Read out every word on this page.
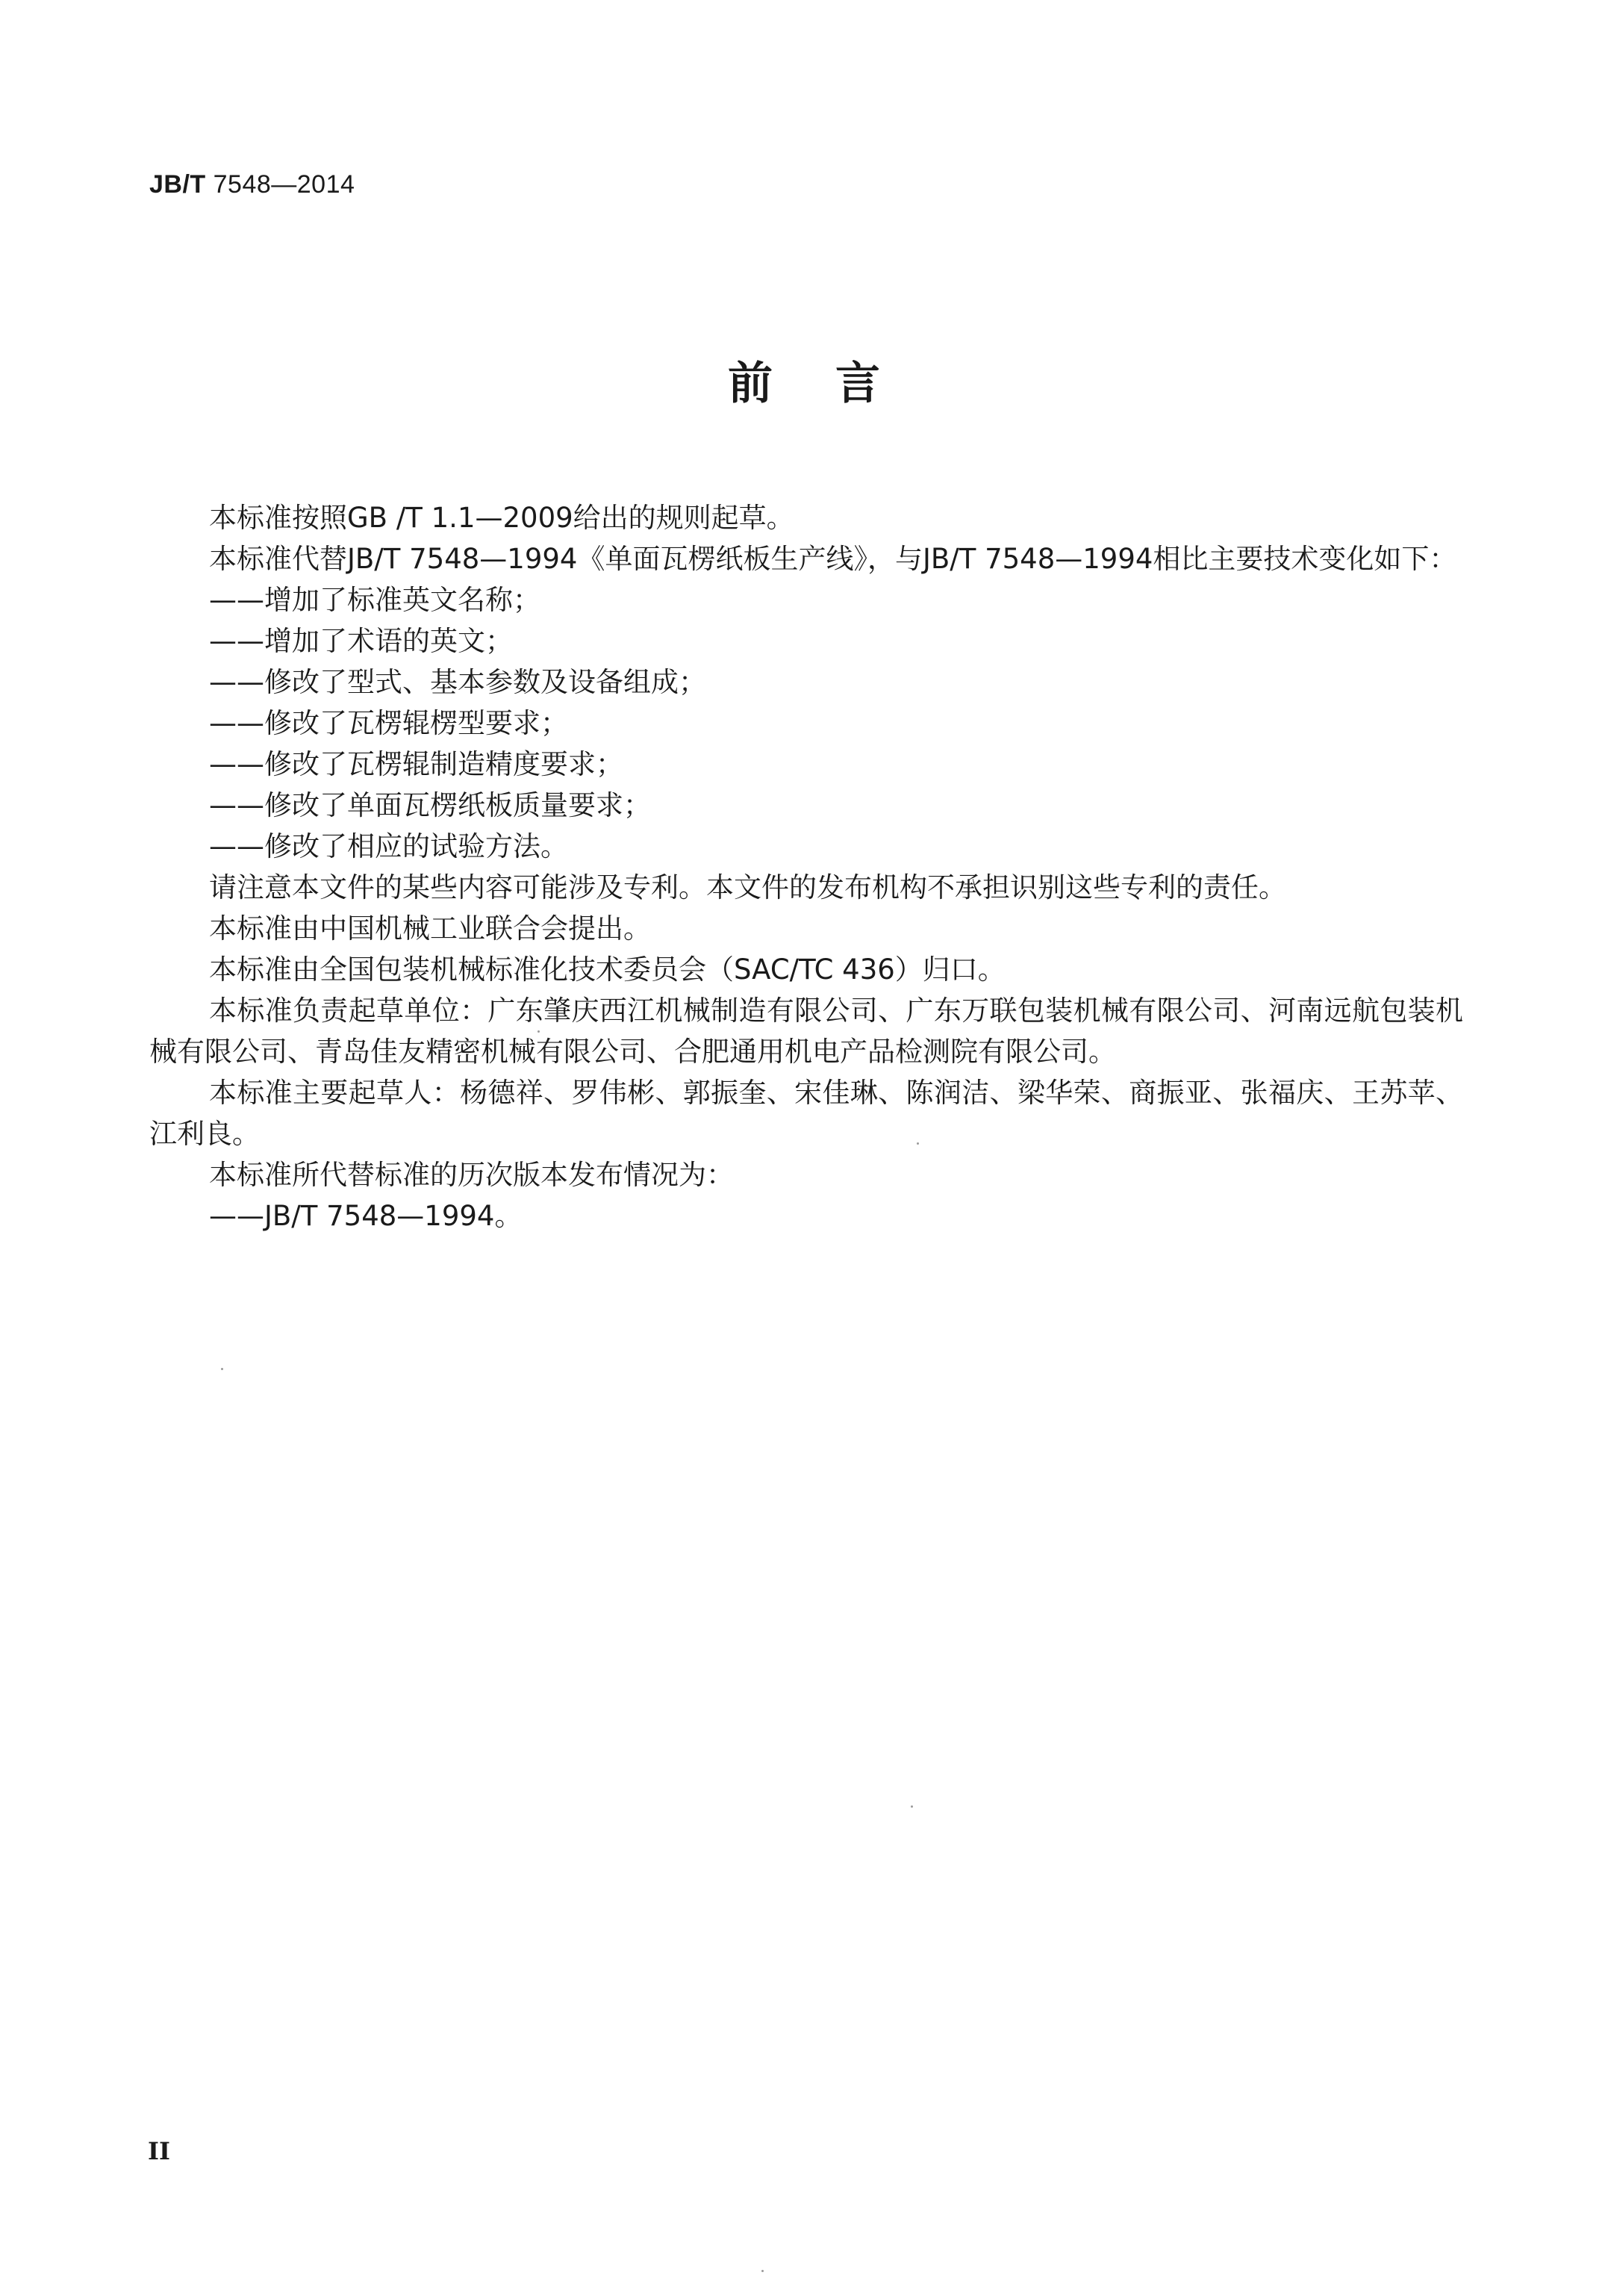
JB/T 7548—2014
前言

本标准按照GB /T 1.1—2009给出的规则起草。

本标准代替JB/T 7548—1994《单面瓦楞纸板生产线》，与JB/T 7548—1994相比主要技术变化如下：

——增加了标准英文名称；

——增加了术语的英文；

——修改了型式、基本参数及设备组成；

——修改了瓦楞辊楞型要求；

——修改了瓦楞辊制造精度要求；

——修改了单面瓦楞纸板质量要求；

——修改了相应的试验方法。

请注意本文件的某些内容可能涉及专利。本文件的发布机构不承担识别这些专利的责任。

本标准由中国机械工业联合会提出。

本标准由全国包装机械标准化技术委员会（SAC/TC 436）归口。

本标准负责起草单位：广东肇庆西江机械制造有限公司、广东万联包装机械有限公司、河南远航包装机械有限公司、青岛佳友精密机械有限公司、合肥通用机电产品检测院有限公司。

本标准主要起草人：杨德祥、罗伟彬、郭振奎、宋佳琳、陈润洁、梁华荣、商振亚、张福庆、王苏苹、江利良。

本标准所代替标准的历次版本发布情况为：

——JB/T 7548—1994。

II
